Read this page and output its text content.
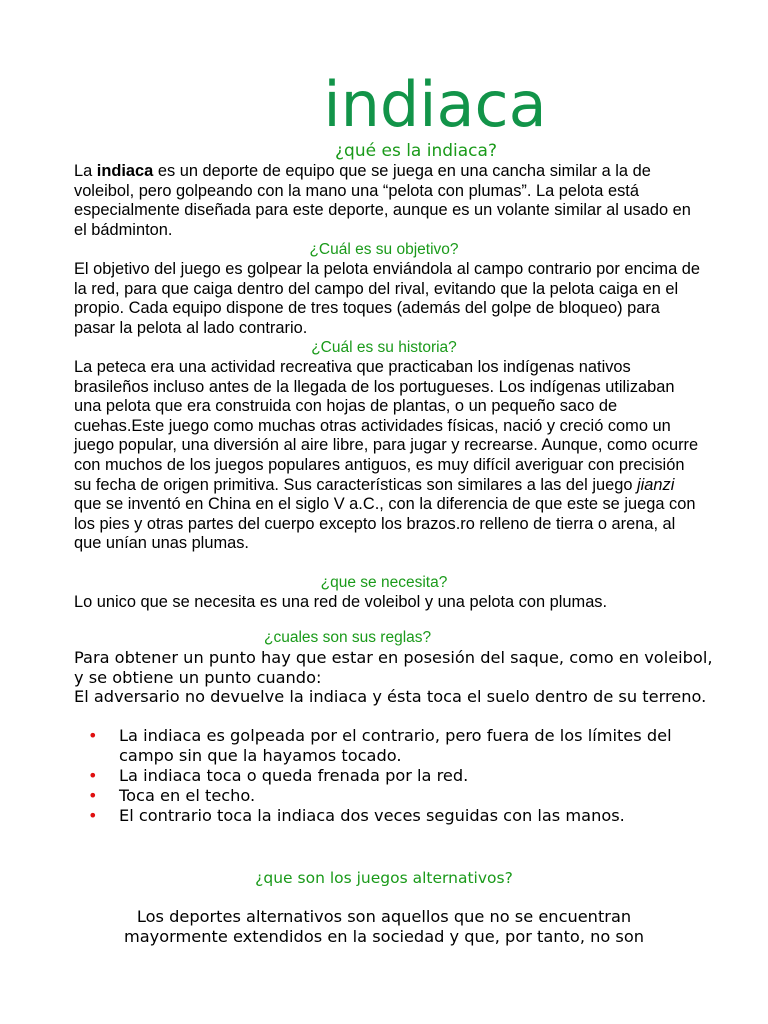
indiaca
¿qué es la indiaca?

La indiaca es un deporte de equipo que se juega en una cancha similar a la de voleibol, pero golpeando con la mano una “pelota con plumas”. La pelota está especialmente diseñada para este deporte, aunque es un volante similar al usado en el bádminton.

¿Cuál es su objetivo?

El objetivo del juego es golpear la pelota enviándola al campo contrario por encima de la red, para que caiga dentro del campo del rival, evitando que la pelota caiga en el propio. Cada equipo dispone de tres toques (además del golpe de bloqueo) para pasar la pelota al lado contrario.

¿Cuál es su historia?

La peteca era una actividad recreativa que practicaban los indígenas nativos brasileños incluso antes de la llegada de los portugueses. Los indígenas utilizaban una pelota que era construida con hojas de plantas, o un pequeño saco de cuehas.Este juego como muchas otras actividades físicas, nació y creció como un juego popular, una diversión al aire libre, para jugar y recrearse. Aunque, como ocurre con muchos de los juegos populares antiguos, es muy difícil averiguar con precisión su fecha de origen primitiva. Sus características son similares a las del juego jianzi que se inventó en China en el siglo V a.C., con la diferencia de que este se juega con los pies y otras partes del cuerpo excepto los brazos.ro relleno de tierra o arena, al que unían unas plumas.

¿que se necesita?

Lo unico que se necesita es una red de voleibol y una pelota con plumas.

¿cuales son sus reglas?

Para obtener un punto hay que estar en posesión del saque, como en voleibol, y se obtiene un punto cuando:

El adversario no devuelve la indiaca y ésta toca el suelo dentro de su terreno.

• La indiaca es golpeada por el contrario, pero fuera de los límites del campo sin que la hayamos tocado.
• La indiaca toca o queda frenada por la red.
• Toca en el techo.
• El contrario toca la indiaca dos veces seguidas con las manos.
¿que son los juegos alternativos?
Los deportes alternativos son aquellos que no se encuentran mayormente extendidos en la sociedad y que, por tanto, no son
